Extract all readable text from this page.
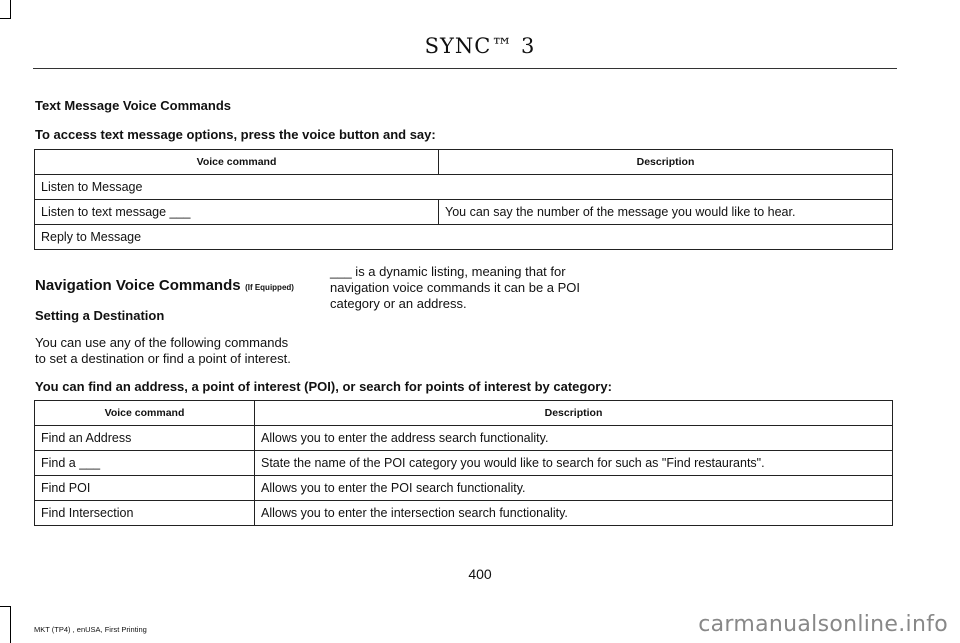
SYNC™ 3
Text Message Voice Commands
To access text message options, press the voice button and say:
Voice command	Description
Listen to Message	
Listen to text message ___	You can say the number of the message you would like to hear.
Reply to Message	
Navigation Voice Commands (If Equipped)
Setting a Destination
You can use any of the following commands
to set a destination or find a point of interest.
___ is a dynamic listing, meaning that for
navigation voice commands it can be a POI
category or an address.
You can find an address, a point of interest (POI), or search for points of interest by category:
Voice command	Description
Find an Address	Allows you to enter the address search functionality.
Find a ___	State the name of the POI category you would like to search for such as "Find restaurants".
Find POI	Allows you to enter the POI search functionality.
Find Intersection	Allows you to enter the intersection search functionality.
400
MKT (TP4) , enUSA, First Printing	carmanualsonline.info
